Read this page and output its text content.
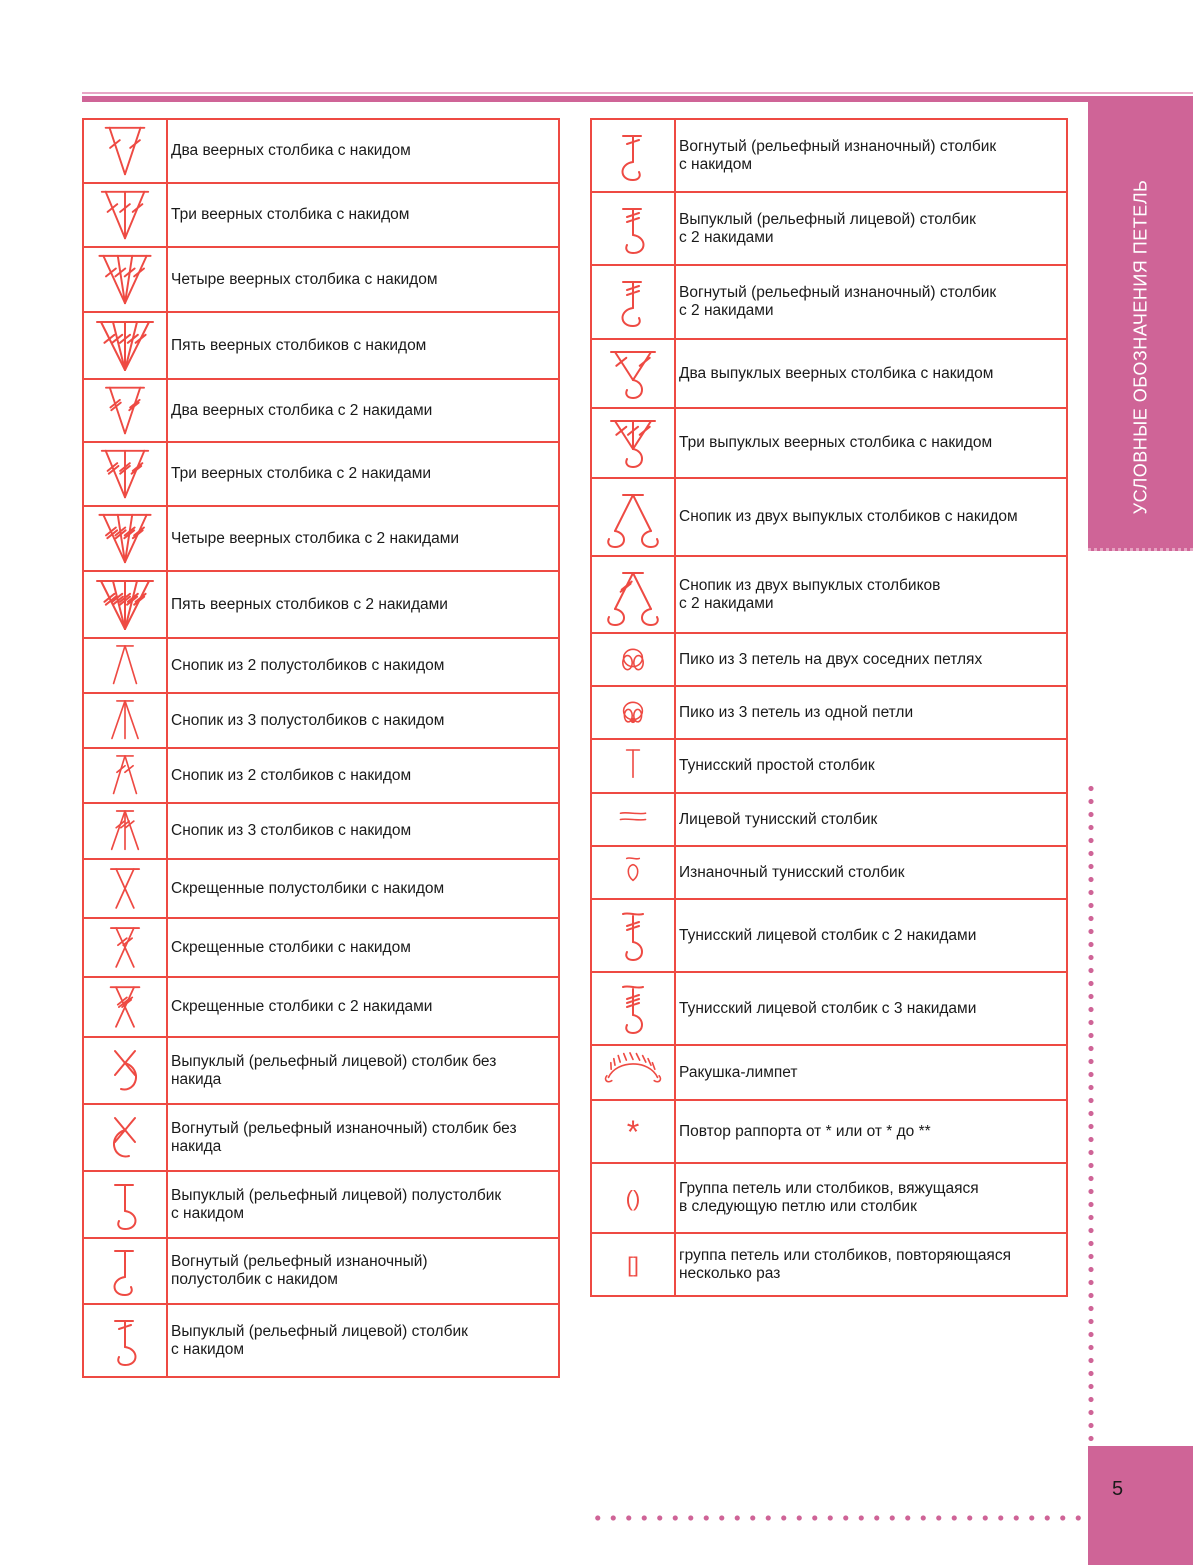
УСЛОВНЫЕ ОБОЗНАЧЕНИЯ ПЕТЕЛЬ
5
	Два веерных столбика с накидом

	Три веерных столбика с накидом

	Четыре веерных столбика с накидом

	Пять веерных столбиков с накидом

	Два веерных столбика с 2 накидами

	Три веерных столбика с 2 накидами

	Четыре веерных столбика с 2 накидами

	Пять веерных столбиков с 2 накидами

	Снопик из 2 полустолбиков с накидом

	Снопик из 3 полустолбиков с накидом

	Снопик из 2 столбиков с накидом

	Снопик из 3 столбиков с накидом

	Скрещенные полустолбики с накидом

	Скрещенные столбики с накидом

	Скрещенные столбики с 2 накидами

	Выпуклый (рельефный лицевой) столбик без
накида

	Вогнутый (рельефный изнаночный) столбик без
накида

	Выпуклый (рельефный лицевой) полустолбик
с накидом

	Вогнутый (рельефный изнаночный)
полустолбик с накидом

	Выпуклый (рельефный лицевой) столбик
с накидом
	Вогнутый (рельефный изнаночный) столбик
с накидом

	Выпуклый (рельефный лицевой) столбик
с 2 накидами

	Вогнутый (рельефный изнаночный) столбик
с 2 накидами

	Два выпуклых веерных столбика с накидом

	Три выпуклых веерных столбика с накидом

	Снопик из двух выпуклых столбиков с накидом

	Снопик из двух выпуклых столбиков
с 2 накидами

	Пико из 3 петель на двух соседних петлях

	Пико из 3 петель из одной петли

	Тунисский простой столбик

	Лицевой тунисский столбик

	Изнаночный тунисский столбик

	Тунисский лицевой столбик с 2 накидами

	Тунисский лицевой столбик с 3 накидами

	Ракушка-лимпет

*	Повтор раппорта от * или от * до **

()	Группа петель или столбиков, вяжущаяся
в следующую петлю или столбик

[]	группа петель или столбиков, повторяющаяся
несколько раз
